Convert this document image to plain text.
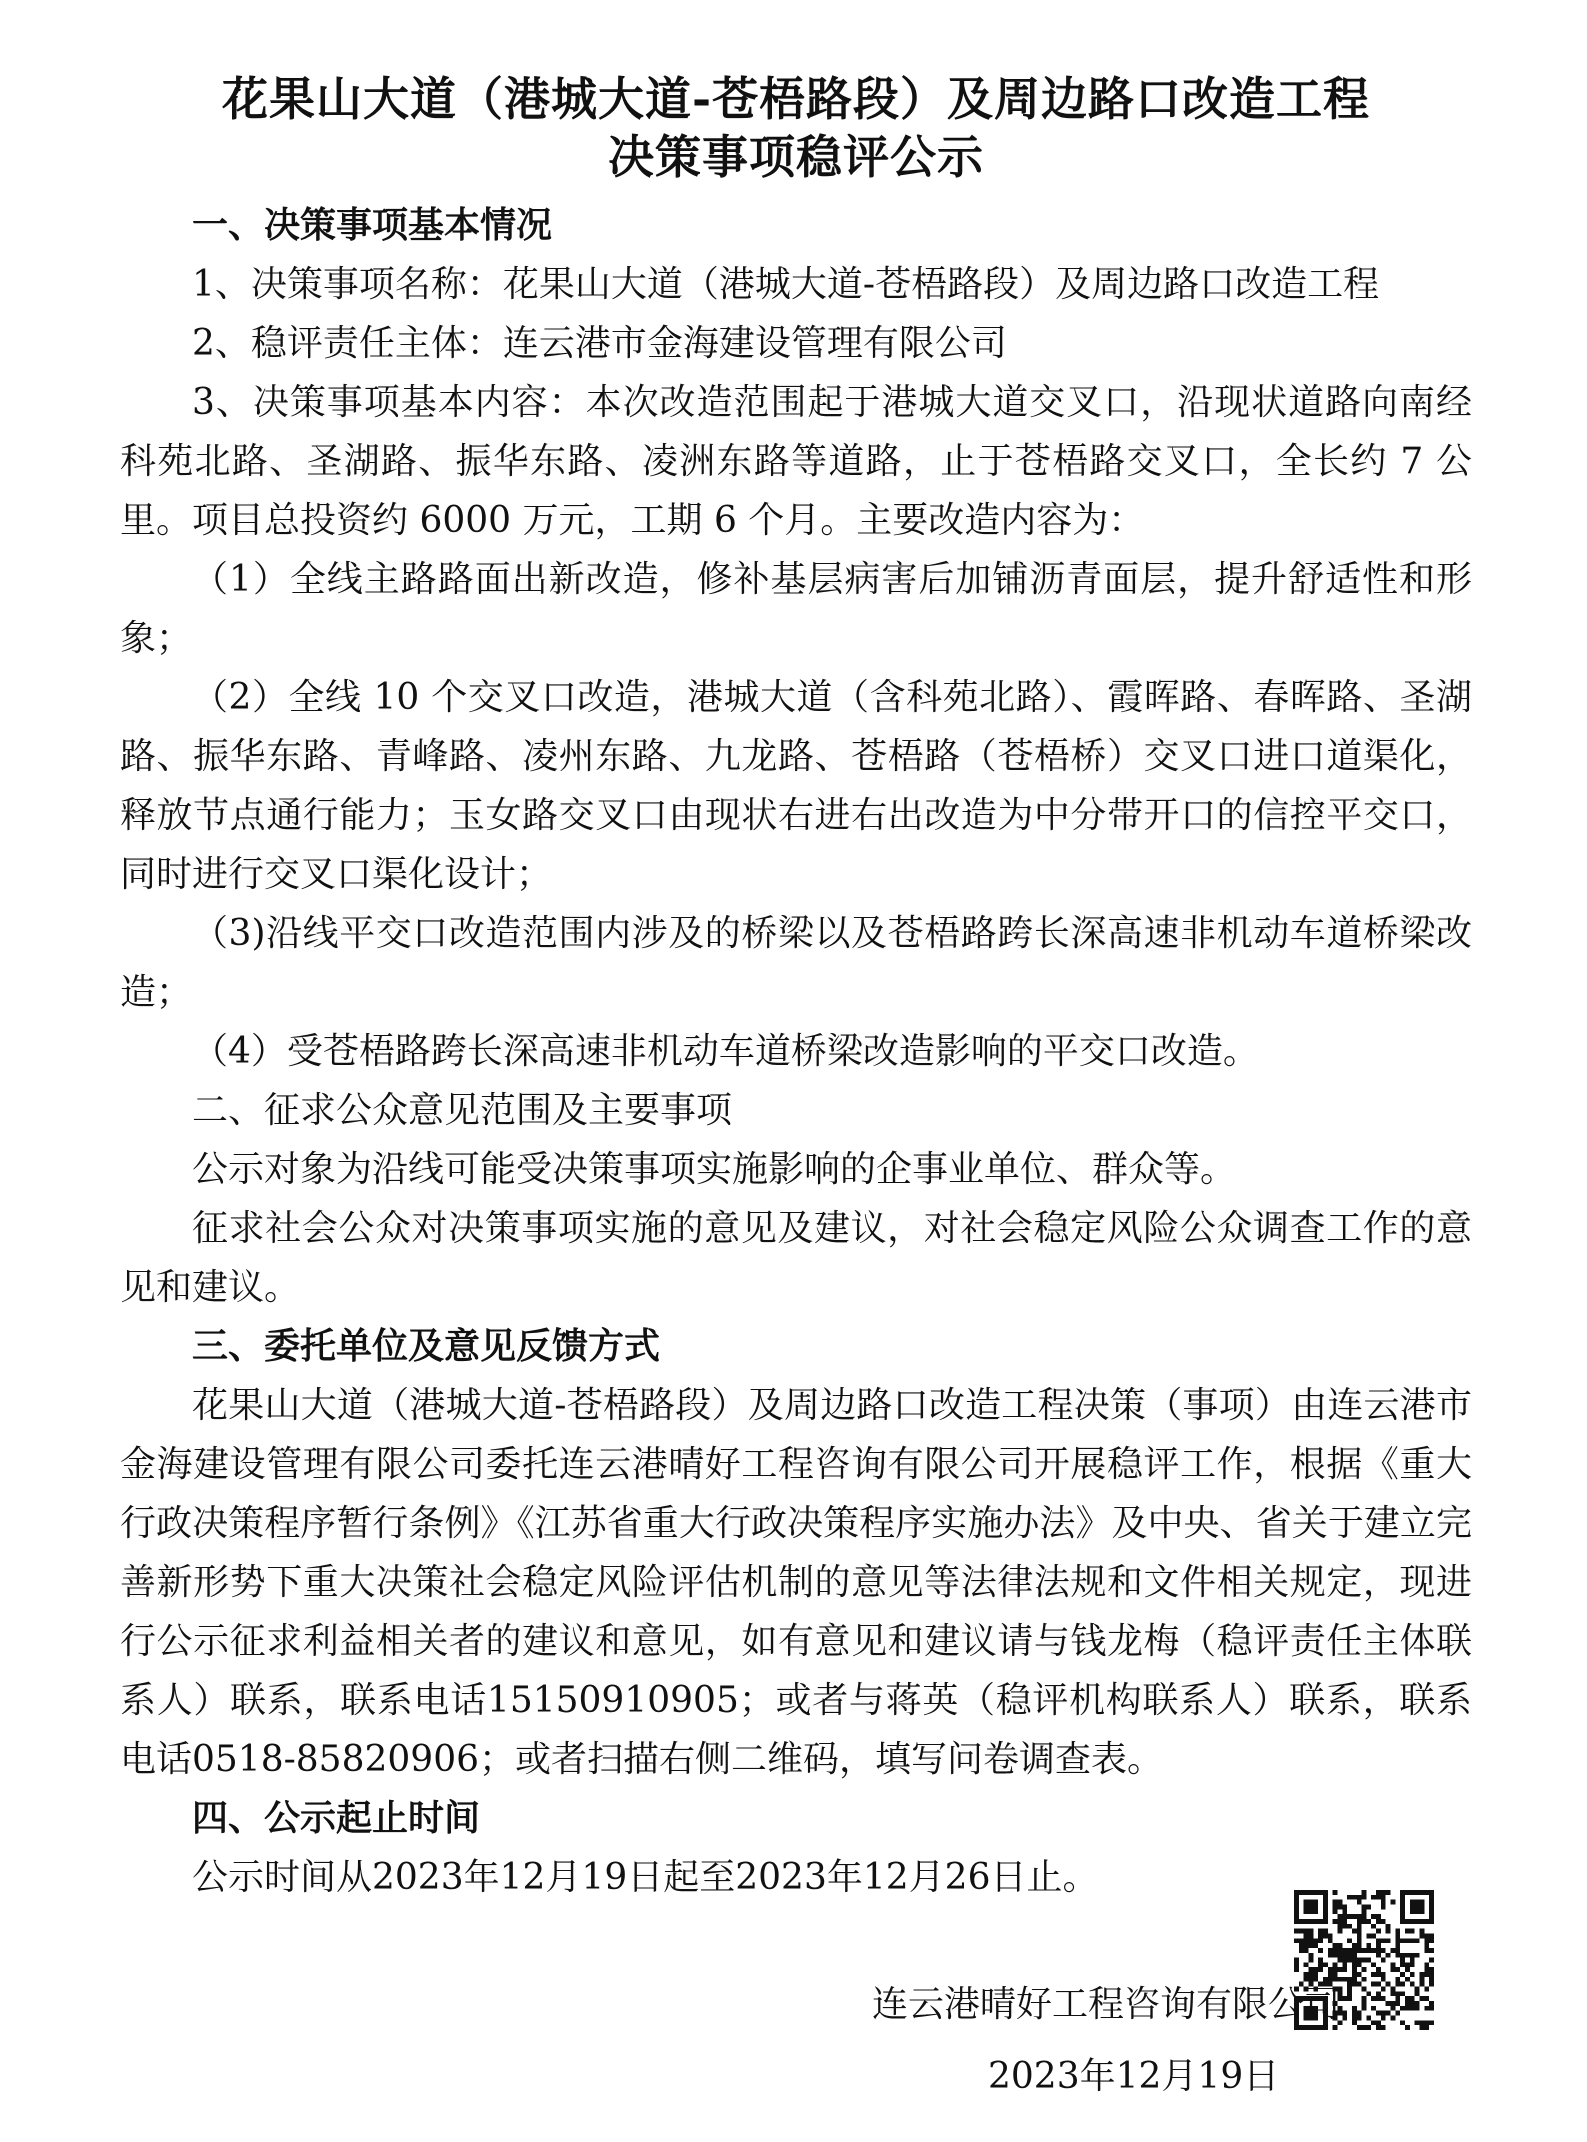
花果山大道（港城大道-苍梧路段）及周边路口改造工程

决策事项稳评公示

一、决策事项基本情况

1、决策事项名称：花果山大道（港城大道-苍梧路段）及周边路口改造工程

2、稳评责任主体：连云港市金海建设管理有限公司

3、决策事项基本内容：本次改造范围起于港城大道交叉口，沿现状道路向南经科苑北路、圣湖路、振华东路、凌洲东路等道路，止于苍梧路交叉口，全长约 7 公里。项目总投资约 6000 万元，工期 6 个月。主要改造内容为：

（1）全线主路路面出新改造，修补基层病害后加铺沥青面层，提升舒适性和形象；

（2）全线 10 个交叉口改造，港城大道（含科苑北路）、霞晖路、春晖路、圣湖路、振华东路、青峰路、凌州东路、九龙路、苍梧路（苍梧桥）交叉口进口道渠化，释放节点通行能力；玉女路交叉口由现状右进右出改造为中分带开口的信控平交口，同时进行交叉口渠化设计；

（3)沿线平交口改造范围内涉及的桥梁以及苍梧路跨长深高速非机动车道桥梁改造；

（4）受苍梧路跨长深高速非机动车道桥梁改造影响的平交口改造。

二、征求公众意见范围及主要事项

公示对象为沿线可能受决策事项实施影响的企事业单位、群众等。

征求社会公众对决策事项实施的意见及建议，对社会稳定风险公众调查工作的意见和建议。

三、委托单位及意见反馈方式

花果山大道（港城大道-苍梧路段）及周边路口改造工程决策（事项）由连云港市金海建设管理有限公司委托连云港晴好工程咨询有限公司开展稳评工作，根据《重大行政决策程序暂行条例》《江苏省重大行政决策程序实施办法》及中央、省关于建立完善新形势下重大决策社会稳定风险评估机制的意见等法律法规和文件相关规定，现进行公示征求利益相关者的建议和意见，如有意见和建议请与钱龙梅（稳评责任主体联系人）联系，联系电话15150910905；或者与蒋英（稳评机构联系人）联系，联系电话0518-85820906；或者扫描右侧二维码，填写问卷调查表。

四、公示起止时间

公示时间从2023年12月19日起至2023年12月26日止。

连云港晴好工程咨询有限公司
2023年12月19日
